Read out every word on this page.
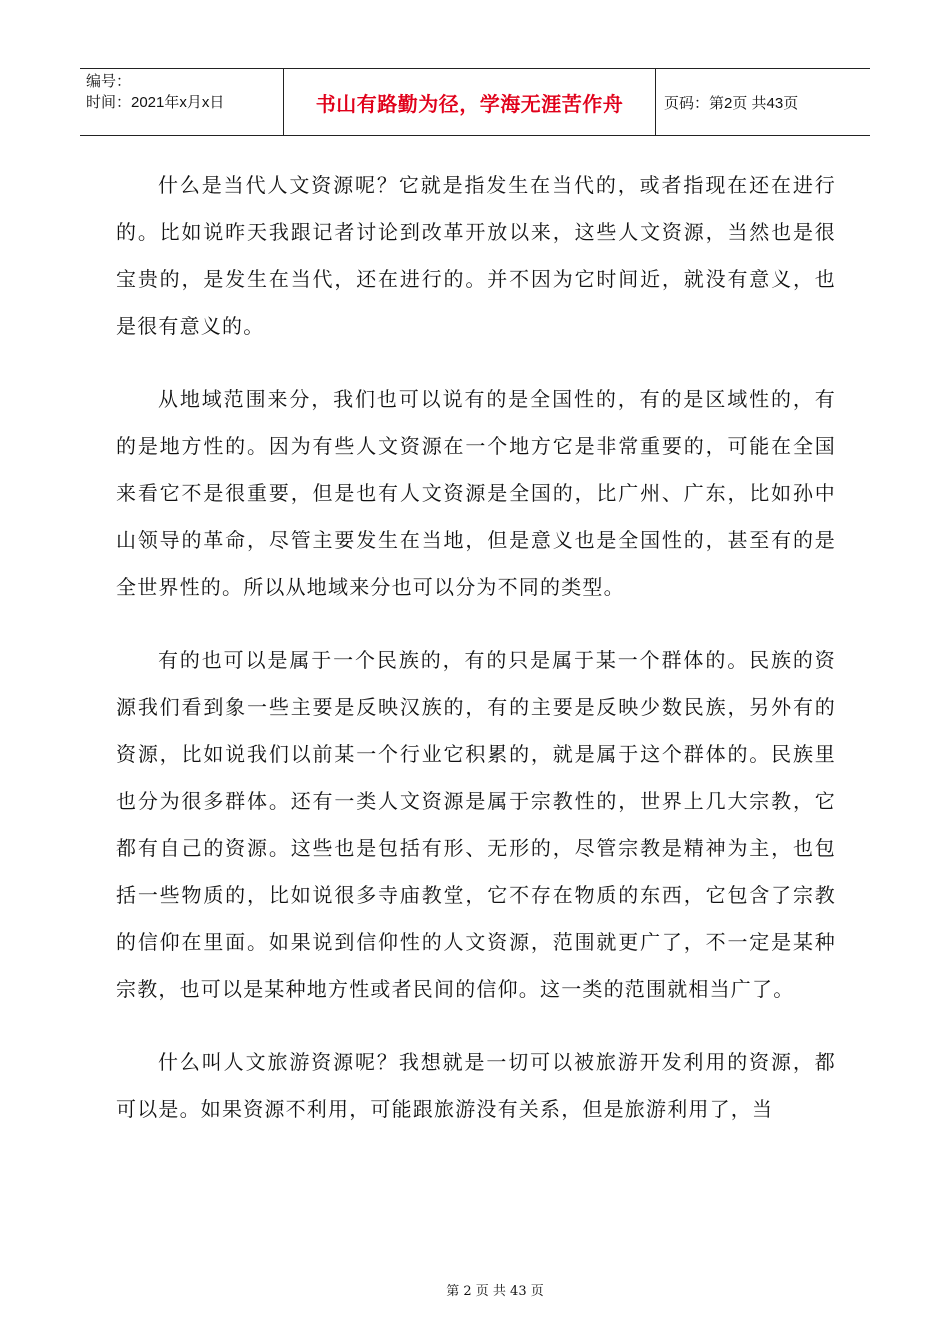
编号：
时间：2021年x月x日	书山有路勤为径，学海无涯苦作舟	页码：第2页 共43页

什么是当代人文资源呢？它就是指发生在当代的，或者指现在还在进行的。比如说昨天我跟记者讨论到改革开放以来，这些人文资源，当然也是很宝贵的，是发生在当代，还在进行的。并不因为它时间近，就没有意义，也是很有意义的。

从地域范围来分，我们也可以说有的是全国性的，有的是区域性的，有的是地方性的。因为有些人文资源在一个地方它是非常重要的，可能在全国来看它不是很重要，但是也有人文资源是全国的，比广州、广东，比如孙中山领导的革命，尽管主要发生在当地，但是意义也是全国性的，甚至有的是全世界性的。所以从地域来分也可以分为不同的类型。

有的也可以是属于一个民族的，有的只是属于某一个群体的。民族的资源我们看到象一些主要是反映汉族的，有的主要是反映少数民族，另外有的资源，比如说我们以前某一个行业它积累的，就是属于这个群体的。民族里也分为很多群体。还有一类人文资源是属于宗教性的，世界上几大宗教，它都有自己的资源。这些也是包括有形、无形的，尽管宗教是精神为主，也包括一些物质的，比如说很多寺庙教堂，它不存在物质的东西，它包含了宗教的信仰在里面。如果说到信仰性的人文资源，范围就更广了，不一定是某种宗教，也可以是某种地方性或者民间的信仰。这一类的范围就相当广了。

什么叫人文旅游资源呢？我想就是一切可以被旅游开发利用的资源，都可以是。如果资源不利用，可能跟旅游没有关系，但是旅游利用了，当

第 2 页 共 43 页
